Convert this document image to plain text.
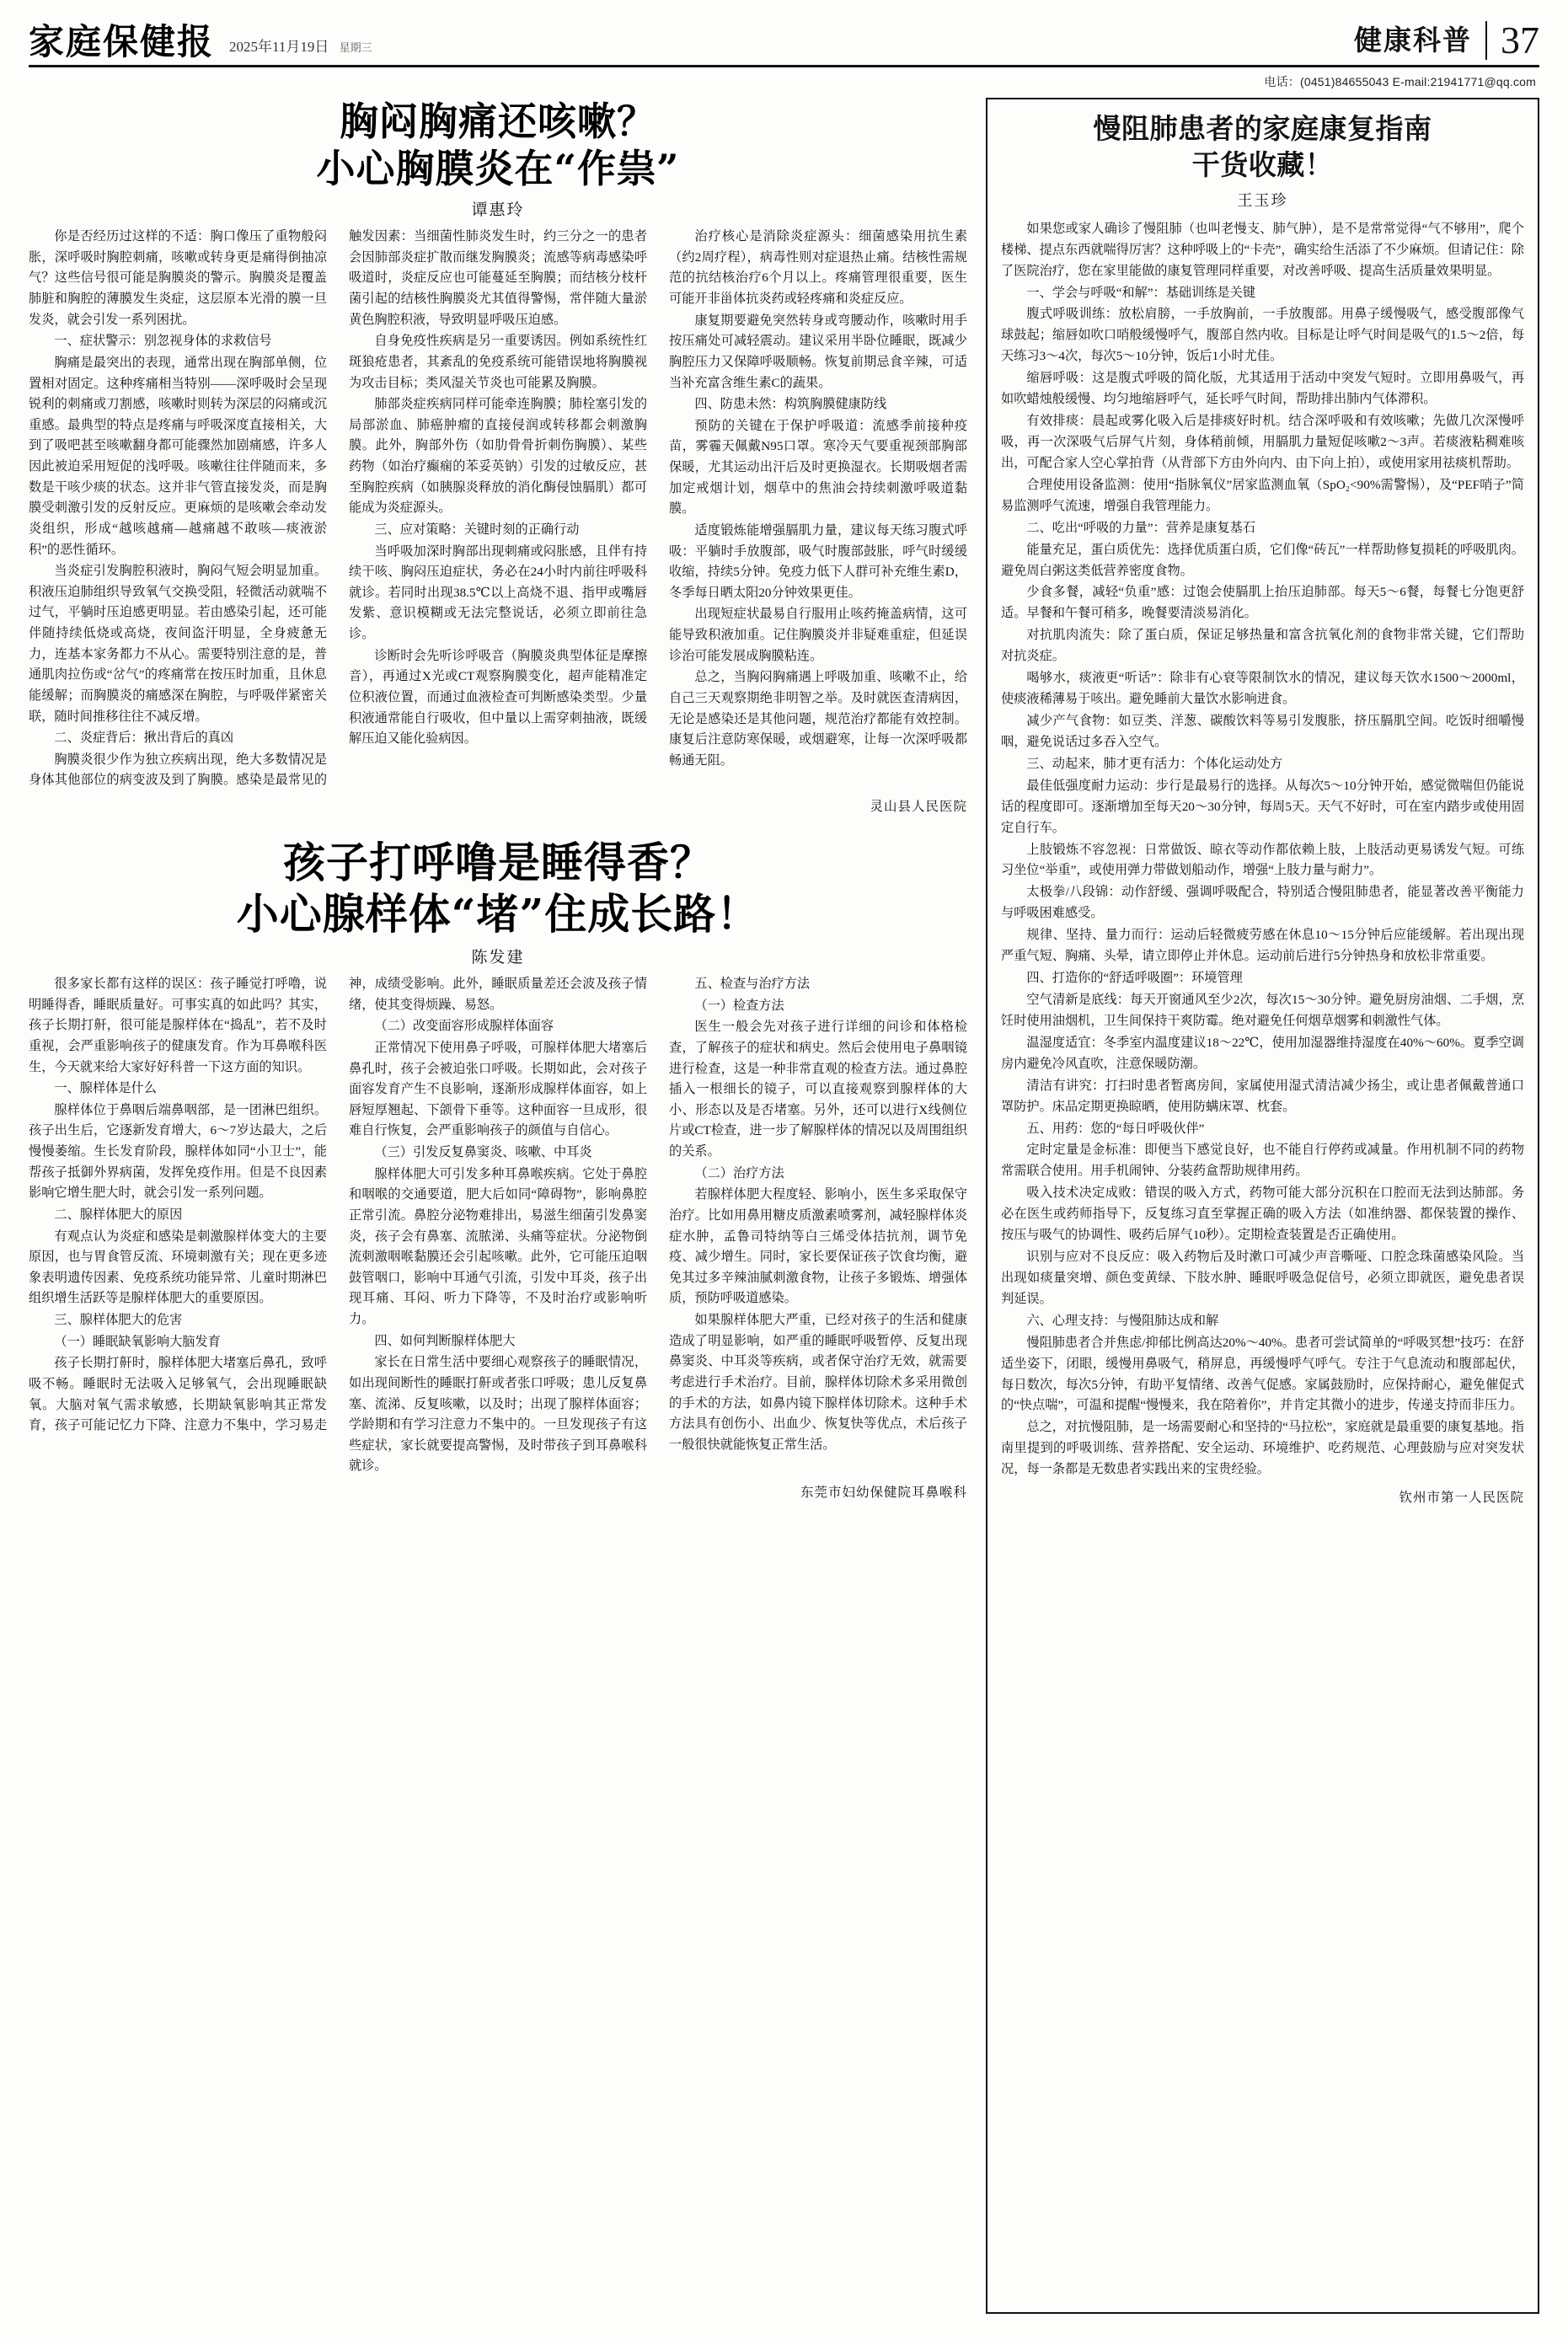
家庭保健报 2025年11月19日 星期三	健康科普 37
电话：(0451)84655043 E-mail:21941771@qq.com
胸闷胸痛还咳嗽？
小心胸膜炎在“作祟”
谭惠玲

你是否经历过这样的不适：胸口像压了重物般闷胀，深呼吸时胸腔刺痛，咳嗽或转身更是痛得倒抽凉气？这些信号很可能是胸膜炎的警示。胸膜炎是覆盖肺脏和胸腔的薄膜发生炎症，这层原本光滑的膜一旦发炎，就会引发一系列困扰。

一、症状警示：别忽视身体的求救信号

胸痛是最突出的表现，通常出现在胸部单侧，位置相对固定。这种疼痛相当特别——深呼吸时会呈现锐利的刺痛或刀割感，咳嗽时则转为深层的闷痛或沉重感。最典型的特点是疼痛与呼吸深度直接相关，大到了吸吧甚至咳嗽翻身都可能骤然加剧痛感，许多人因此被迫采用短促的浅呼吸。咳嗽往往伴随而来，多数是干咳少痰的状态。这并非气管直接发炎，而是胸膜受刺激引发的反射反应。更麻烦的是咳嗽会牵动发炎组织，形成“越咳越痛—越痛越不敢咳—痰液淤积”的恶性循环。

当炎症引发胸腔积液时，胸闷气短会明显加重。积液压迫肺组织导致氧气交换受阻，轻微活动就喘不过气，平躺时压迫感更明显。若由感染引起，还可能伴随持续低烧或高烧，夜间盗汗明显，全身疲惫无力，连基本家务都力不从心。需要特别注意的是，普通肌肉拉伤或“岔气”的疼痛常在按压时加重，且休息能缓解；而胸膜炎的痛感深在胸腔，与呼吸伴紧密关联，随时间推移往往不减反增。

二、炎症背后：揪出背后的真凶

胸膜炎很少作为独立疾病出现，绝大多数情况是身体其他部位的病变波及到了胸膜。感染是最常见的触发因素：当细菌性肺炎发生时，约三分之一的患者会因肺部炎症扩散而继发胸膜炎；流感等病毒感染呼吸道时，炎症反应也可能蔓延至胸膜；而结核分枝杆菌引起的结核性胸膜炎尤其值得警惕，常伴随大量淤黄色胸腔积液，导致明显呼吸压迫感。

自身免疫性疾病是另一重要诱因。例如系统性红斑狼疮患者，其紊乱的免疫系统可能错误地将胸膜视为攻击目标；类风湿关节炎也可能累及胸膜。

肺部炎症疾病同样可能牵连胸膜；肺栓塞引发的局部淤血、肺癌肿瘤的直接侵润或转移都会刺激胸膜。此外，胸部外伤（如肋骨骨折刺伤胸膜）、某些药物（如治疗癫痫的苯妥英钠）引发的过敏反应，甚至胸腔疾病（如胰腺炎释放的消化酶侵蚀膈肌）都可能成为炎症源头。

三、应对策略：关键时刻的正确行动

当呼吸加深时胸部出现刺痛或闷胀感，且伴有持续干咳、胸闷压迫症状，务必在24小时内前往呼吸科就诊。若同时出现38.5℃以上高烧不退、指甲或嘴唇发紫、意识模糊或无法完整说话，必须立即前往急诊。

诊断时会先听诊呼吸音（胸膜炎典型体征是摩擦音），再通过X光或CT观察胸膜变化，超声能精准定位积液位置，而通过血液检查可判断感染类型。少量积液通常能自行吸收，但中量以上需穿刺抽液，既缓解压迫又能化验病因。

治疗核心是消除炎症源头：细菌感染用抗生素（约2周疗程），病毒性则对症退热止痛。结核性需规范的抗结核治疗6个月以上。疼痛管理很重要，医生可能开非甾体抗炎药或轻疼痛和炎症反应。

康复期要避免突然转身或弯腰动作，咳嗽时用手按压痛处可减轻震动。建议采用半卧位睡眠，既减少胸腔压力又保障呼吸顺畅。恢复前期忌食辛辣，可适当补充富含维生素C的蔬果。

四、防患未然：构筑胸膜健康防线

预防的关键在于保护呼吸道：流感季前接种疫苗，雾霾天佩戴N95口罩。寒冷天气要重视颈部胸部保暖，尤其运动出汗后及时更换湿衣。长期吸烟者需加定戒烟计划，烟草中的焦油会持续刺激呼吸道黏膜。

适度锻炼能增强膈肌力量，建议每天练习腹式呼吸：平躺时手放腹部，吸气时腹部鼓胀，呼气时缓缓收缩，持续5分钟。免疫力低下人群可补充维生素D，冬季每日晒太阳20分钟效果更佳。

出现短症状最易自行服用止咳药掩盖病情，这可能导致积液加重。记住胸膜炎并非疑难重症，但延误诊治可能发展成胸膜粘连。

总之，当胸闷胸痛遇上呼吸加重、咳嗽不止，给自己三天观察期绝非明智之举。及时就医查清病因，无论是感染还是其他问题，规范治疗都能有效控制。康复后注意防寒保暖，或烟避寒，让每一次深呼吸都畅通无阻。

灵山县人民医院
孩子打呼噜是睡得香？
小心腺样体“堵”住成长路！
陈发建

很多家长都有这样的误区：孩子睡觉打呼噜，说明睡得香，睡眠质量好。可事实真的如此吗？其实，孩子长期打鼾，很可能是腺样体在“捣乱”，若不及时重视，会严重影响孩子的健康发育。作为耳鼻喉科医生，今天就来给大家好好科普一下这方面的知识。

一、腺样体是什么

腺样体位于鼻咽后端鼻咽部，是一团淋巴组织。孩子出生后，它逐新发育增大，6～7岁达最大，之后慢慢萎缩。生长发育阶段，腺样体如同“小卫士”，能帮孩子抵御外界病菌，发挥免疫作用。但是不良因素影响它增生肥大时，就会引发一系列问题。

二、腺样体肥大的原因

有观点认为炎症和感染是刺激腺样体变大的主要原因，也与胃食管反流、环境刺激有关；现在更多迹象表明遗传因素、免疫系统功能异常、儿童时期淋巴组织增生活跃等是腺样体肥大的重要原因。

三、腺样体肥大的危害

（一）睡眠缺氧影响大脑发育

孩子长期打鼾时，腺样体肥大堵塞后鼻孔，致呼吸不畅。睡眠时无法吸入足够氧气，会出现睡眠缺氧。大脑对氧气需求敏感，长期缺氧影响其正常发育，孩子可能记忆力下降、注意力不集中，学习易走神，成绩受影响。此外，睡眠质量差还会波及孩子情绪，使其变得烦躁、易怒。

（二）改变面容形成腺样体面容

正常情况下使用鼻子呼吸，可腺样体肥大堵塞后鼻孔时，孩子会被迫张口呼吸。长期如此，会对孩子面容发育产生不良影响，逐渐形成腺样体面容，如上唇短厚翘起、下颌骨下垂等。这种面容一旦成形，很难自行恢复，会严重影响孩子的颜值与自信心。

（三）引发反复鼻窦炎、咳嗽、中耳炎

腺样体肥大可引发多种耳鼻喉疾病。它处于鼻腔和咽喉的交通要道，肥大后如同“障碍物”，影响鼻腔正常引流。鼻腔分泌物难排出，易滋生细菌引发鼻窦炎，孩子会有鼻塞、流脓涕、头痛等症状。分泌物倒流刺激咽喉黏膜还会引起咳嗽。此外，它可能压迫咽鼓管咽口，影响中耳通气引流，引发中耳炎，孩子出现耳痛、耳闷、听力下降等，不及时治疗或影响听力。

四、如何判断腺样体肥大

家长在日常生活中要细心观察孩子的睡眠情况，如出现间断性的睡眠打鼾或者张口呼吸；患儿反复鼻塞、流涕、反复咳嗽，以及时；出现了腺样体面容；学龄期和有学习注意力不集中的。一旦发现孩子有这些症状，家长就要提高警惕，及时带孩子到耳鼻喉科就诊。

五、检查与治疗方法

（一）检查方法

医生一般会先对孩子进行详细的问诊和体格检查，了解孩子的症状和病史。然后会使用电子鼻咽镜进行检查，这是一种非常直观的检查方法。通过鼻腔插入一根细长的镜子，可以直接观察到腺样体的大小、形态以及是否堵塞。另外，还可以进行X线侧位片或CT检查，进一步了解腺样体的情况以及周围组织的关系。

（二）治疗方法

若腺样体肥大程度轻、影响小，医生多采取保守治疗。比如用鼻用糖皮质激素喷雾剂，减轻腺样体炎症水肿，孟鲁司特纳等白三烯受体拮抗剂，调节免疫、减少增生。同时，家长要保证孩子饮食均衡，避免其过多辛辣油腻刺激食物，让孩子多锻炼、增强体质，预防呼吸道感染。

如果腺样体肥大严重，已经对孩子的生活和健康造成了明显影响，如严重的睡眠呼吸暂停、反复出现鼻窦炎、中耳炎等疾病，或者保守治疗无效，就需要考虑进行手术治疗。目前，腺样体切除术多采用微创的手术的方法，如鼻内镜下腺样体切除术。这种手术方法具有创伤小、出血少、恢复快等优点，术后孩子一般很快就能恢复正常生活。

东莞市妇幼保健院耳鼻喉科
慢阻肺患者的家庭康复指南
干货收藏！
王玉珍

如果您或家人确诊了慢阻肺（也叫老慢支、肺气肿），是不是常常觉得“气不够用”，爬个楼梯、提点东西就喘得厉害？这种呼吸上的“卡壳”，确实给生活添了不少麻烦。但请记住：除了医院治疗，您在家里能做的康复管理同样重要，对改善呼吸、提高生活质量效果明显。

一、学会与呼吸“和解”：基础训练是关键

腹式呼吸训练：放松肩膀，一手放胸前，一手放腹部。用鼻子缓慢吸气，感受腹部像气球鼓起；缩唇如吹口哨般缓慢呼气，腹部自然内收。目标是让呼气时间是吸气的1.5～2倍，每天练习3～4次，每次5～10分钟，饭后1小时尤佳。

缩唇呼吸：这是腹式呼吸的简化版，尤其适用于活动中突发气短时。立即用鼻吸气，再如吹蜡烛般缓慢、均匀地缩唇呼气，延长呼气时间，帮助排出肺内气体滞积。

有效排痰：晨起或雾化吸入后是排痰好时机。结合深呼吸和有效咳嗽；先做几次深慢呼吸，再一次深吸气后屏气片刻，身体稍前倾，用膈肌力量短促咳嗽2～3声。若痰液粘稠难咳出，可配合家人空心掌拍背（从背部下方由外向内、由下向上拍），或使用家用祛痰机帮助。

合理使用设备监测：使用“指脉氧仪”居家监测血氧（SpO₂<90%需警惕），及“PEF哨子”简易监测呼气流速，增强自我管理能力。

二、吃出“呼吸的力量”：营养是康复基石

能量充足，蛋白质优先：选择优质蛋白质，它们像“砖瓦”一样帮助修复损耗的呼吸肌肉。避免周白粥这类低营养密度食物。

少食多餐，减轻“负重”感：过饱会使膈肌上抬压迫肺部。每天5～6餐，每餐七分饱更舒适。早餐和午餐可稍多，晚餐要清淡易消化。

对抗肌肉流失：除了蛋白质，保证足够热量和富含抗氧化剂的食物非常关键，它们帮助对抗炎症。

喝够水，痰液更“听话”：除非有心衰等限制饮水的情况，建议每天饮水1500～2000ml，使痰液稀薄易于咳出。避免睡前大量饮水影响进食。

减少产气食物：如豆类、洋葱、碳酸饮料等易引发腹胀，挤压膈肌空间。吃饭时细嚼慢咽，避免说话过多吞入空气。

三、动起来，肺才更有活力：个体化运动处方

最佳低强度耐力运动：步行是最易行的选择。从每次5～10分钟开始，感觉微喘但仍能说话的程度即可。逐渐增加至每天20～30分钟，每周5天。天气不好时，可在室内踏步或使用固定自行车。

上肢锻炼不容忽视：日常做饭、晾衣等动作都依赖上肢，上肢活动更易诱发气短。可练习坐位“举重”，或使用弹力带做划船动作，增强“上肢力量与耐力”。

太极拳/八段锦：动作舒缓、强调呼吸配合，特别适合慢阻肺患者，能显著改善平衡能力与呼吸困难感受。

规律、坚持、量力而行：运动后轻微疲劳感在休息10～15分钟后应能缓解。若出现出现严重气短、胸痛、头晕，请立即停止并休息。运动前后进行5分钟热身和放松非常重要。

四、打造你的“舒适呼吸圈”：环境管理

空气清新是底线：每天开窗通风至少2次，每次15～30分钟。避免厨房油烟、二手烟，烹饪时使用油烟机，卫生间保持干爽防霉。绝对避免任何烟草烟雾和刺激性气体。

温湿度适宜：冬季室内温度建议18～22℃，使用加湿器维持湿度在40%～60%。夏季空调房内避免冷风直吹，注意保暖防潮。

清洁有讲究：打扫时患者暂离房间，家属使用湿式清洁减少扬尘，或让患者佩戴普通口罩防护。床品定期更换晾晒，使用防螨床罩、枕套。

五、用药：您的“每日呼吸伙伴”

定时定量是金标准：即便当下感觉良好，也不能自行停药或减量。作用机制不同的药物常需联合使用。用手机闹钟、分装药盒帮助规律用药。

吸入技术决定成败：错误的吸入方式，药物可能大部分沉积在口腔而无法到达肺部。务必在医生或药师指导下，反复练习直至掌握正确的吸入方法（如准纳器、都保装置的操作、按压与吸气的协调性、吸药后屏气10秒）。定期检查装置是否正确使用。

识别与应对不良反应：吸入药物后及时漱口可减少声音嘶哑、口腔念珠菌感染风险。当出现如痰量突增、颜色变黄绿、下肢水肿、睡眠呼吸急促信号，必须立即就医，避免患者误判延误。

六、心理支持：与慢阻肺达成和解

慢阻肺患者合并焦虑/抑郁比例高达20%～40%。患者可尝试简单的“呼吸冥想”技巧：在舒适坐姿下，闭眼，缓慢用鼻吸气，稍屏息，再缓慢呼气呼气。专注于气息流动和腹部起伏，每日数次，每次5分钟，有助平复情绪、改善气促感。家属鼓励时，应保持耐心，避免催促式的“快点喘”，可温和提醒“慢慢来，我在陪着你”，并肯定其微小的进步，传递支持而非压力。

总之，对抗慢阻肺，是一场需要耐心和坚持的“马拉松”，家庭就是最重要的康复基地。指南里提到的呼吸训练、营养搭配、安全运动、环境维护、吃药规范、心理鼓励与应对突发状况，每一条都是无数患者实践出来的宝贵经验。

钦州市第一人民医院
